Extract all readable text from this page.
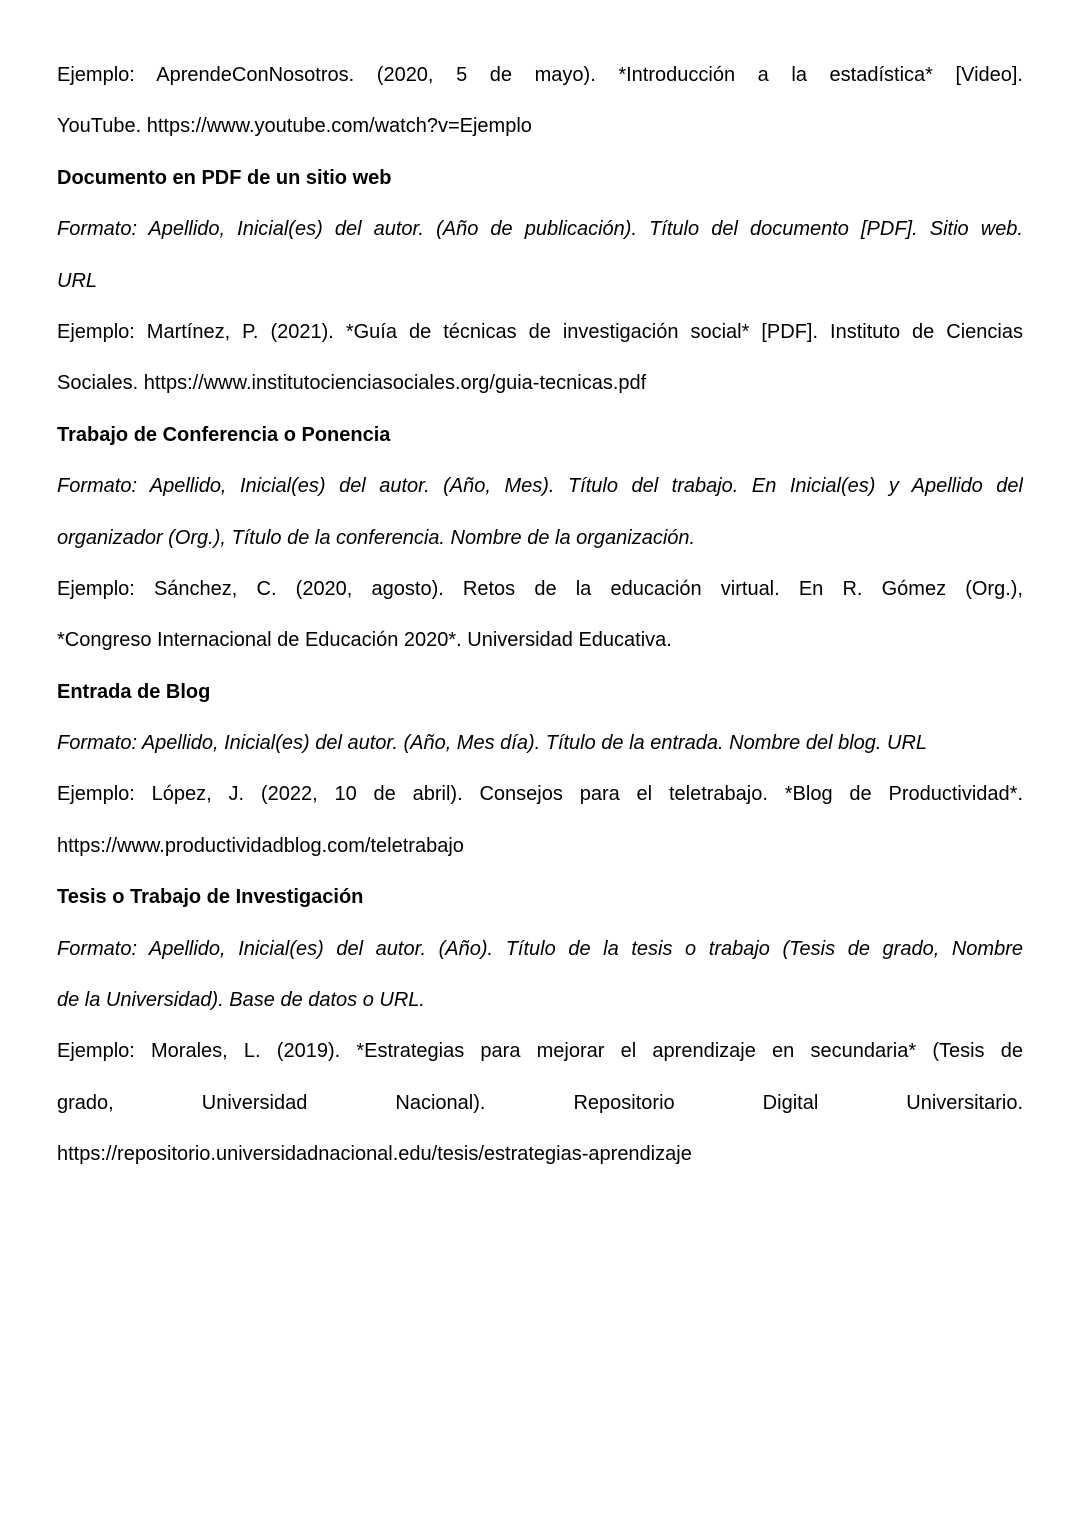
Ejemplo: AprendeConNosotros. (2020, 5 de mayo). *Introducción a la estadística* [Video].
YouTube. https://www.youtube.com/watch?v=Ejemplo
Documento en PDF de un sitio web
Formato: Apellido, Inicial(es) del autor. (Año de publicación). Título del documento [PDF]. Sitio web.
URL
Ejemplo: Martínez, P. (2021). *Guía de técnicas de investigación social* [PDF]. Instituto de Ciencias
Sociales. https://www.institutocienciasociales.org/guia-tecnicas.pdf
Trabajo de Conferencia o Ponencia
Formato: Apellido, Inicial(es) del autor. (Año, Mes). Título del trabajo. En Inicial(es) y Apellido del
organizador (Org.), Título de la conferencia. Nombre de la organización.
Ejemplo: Sánchez, C. (2020, agosto). Retos de la educación virtual. En R. Gómez (Org.),
*Congreso Internacional de Educación 2020*. Universidad Educativa.
Entrada de Blog
Formato: Apellido, Inicial(es) del autor. (Año, Mes día). Título de la entrada. Nombre del blog. URL
Ejemplo: López, J. (2022, 10 de abril). Consejos para el teletrabajo. *Blog de Productividad*.
https://www.productividadblog.com/teletrabajo
Tesis o Trabajo de Investigación
Formato: Apellido, Inicial(es) del autor. (Año). Título de la tesis o trabajo (Tesis de grado, Nombre
de la Universidad). Base de datos o URL.
Ejemplo: Morales, L. (2019). *Estrategias para mejorar el aprendizaje en secundaria* (Tesis de
grado, Universidad Nacional). Repositorio Digital Universitario.
https://repositorio.universidadnacional.edu/tesis/estrategias-aprendizaje
